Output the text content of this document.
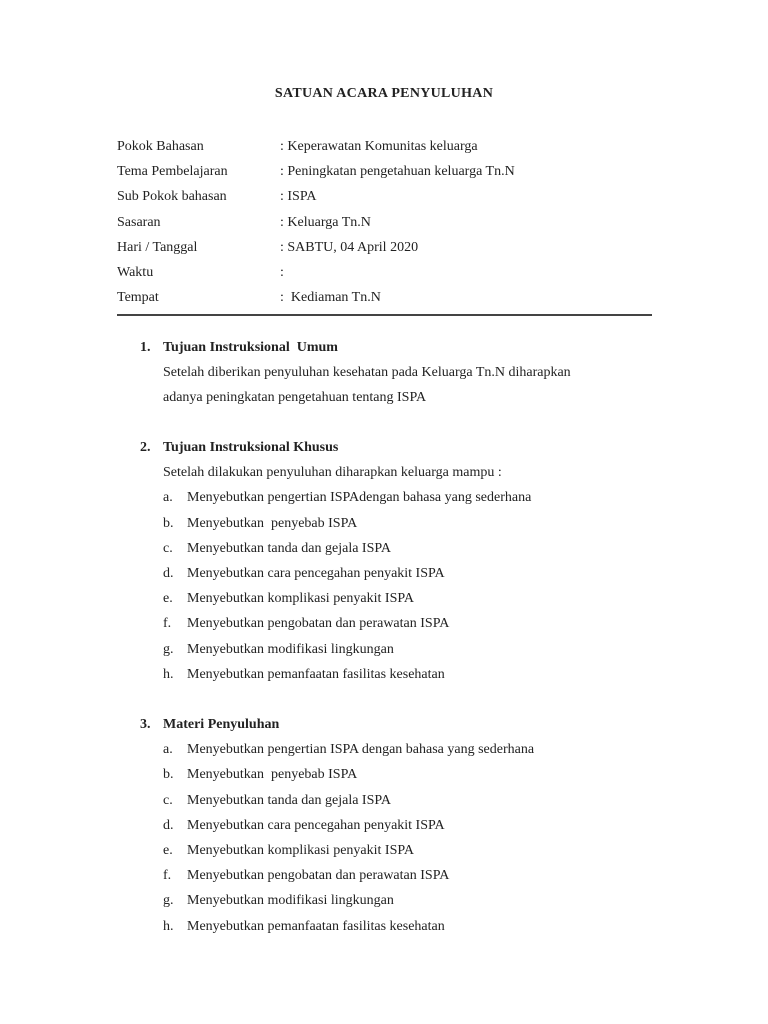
SATUAN ACARA PENYULUHAN
Pokok Bahasan	: Keperawatan Komunitas keluarga
Tema Pembelajaran	: Peningkatan pengetahuan keluarga Tn.N
Sub Pokok bahasan	: ISPA
Sasaran	: Keluarga Tn.N
Hari / Tanggal	: SABTU, 04 April 2020
Waktu	:
Tempat	:  Kediaman Tn.N
1. Tujuan Instruksional  Umum
Setelah diberikan penyuluhan kesehatan pada Keluarga Tn.N diharapkan
adanya peningkatan pengetahuan tentang ISPA
2. Tujuan Instruksional Khusus
Setelah dilakukan penyuluhan diharapkan keluarga mampu :
a. Menyebutkan pengertian ISPAdengan bahasa yang sederhana
b. Menyebutkan  penyebab ISPA
c. Menyebutkan tanda dan gejala ISPA
d. Menyebutkan cara pencegahan penyakit ISPA
e. Menyebutkan komplikasi penyakit ISPA
f. Menyebutkan pengobatan dan perawatan ISPA
g. Menyebutkan modifikasi lingkungan
h. Menyebutkan pemanfaatan fasilitas kesehatan
3. Materi Penyuluhan
a. Menyebutkan pengertian ISPA dengan bahasa yang sederhana
b. Menyebutkan  penyebab ISPA
c. Menyebutkan tanda dan gejala ISPA
d. Menyebutkan cara pencegahan penyakit ISPA
e. Menyebutkan komplikasi penyakit ISPA
f. Menyebutkan pengobatan dan perawatan ISPA
g. Menyebutkan modifikasi lingkungan
h. Menyebutkan pemanfaatan fasilitas kesehatan
